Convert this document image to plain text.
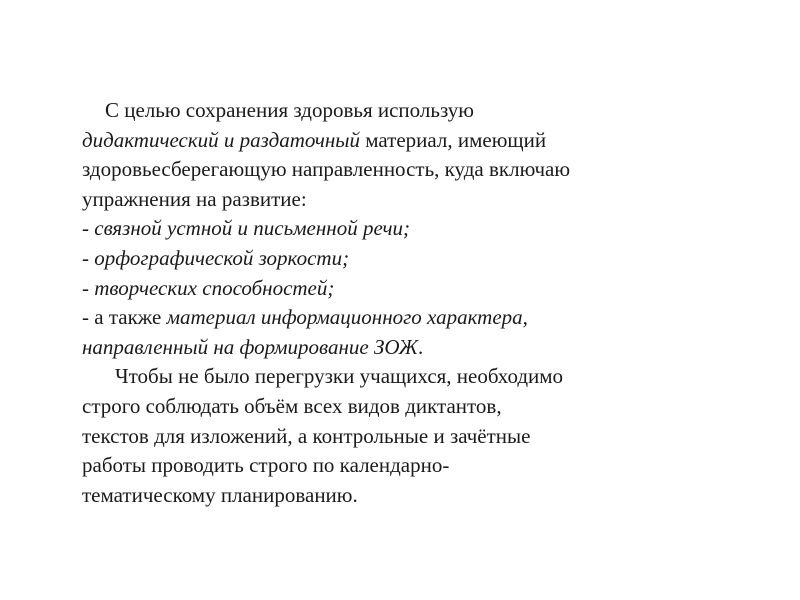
С целью сохранения здоровья использую
дидактический и раздаточный материал, имеющий
здоровьесберегающую направленность, куда включаю
упражнения на развитие:
- связной устной и письменной речи;
- орфографической зоркости;
- творческих способностей;
- а также материал информационного характера,
направленный на формирование ЗОЖ.
Чтобы не было перегрузки учащихся, необходимо
строго соблюдать объём всех видов диктантов,
текстов для изложений, а контрольные и зачётные
работы проводить строго по календарно-
тематическому планированию.
